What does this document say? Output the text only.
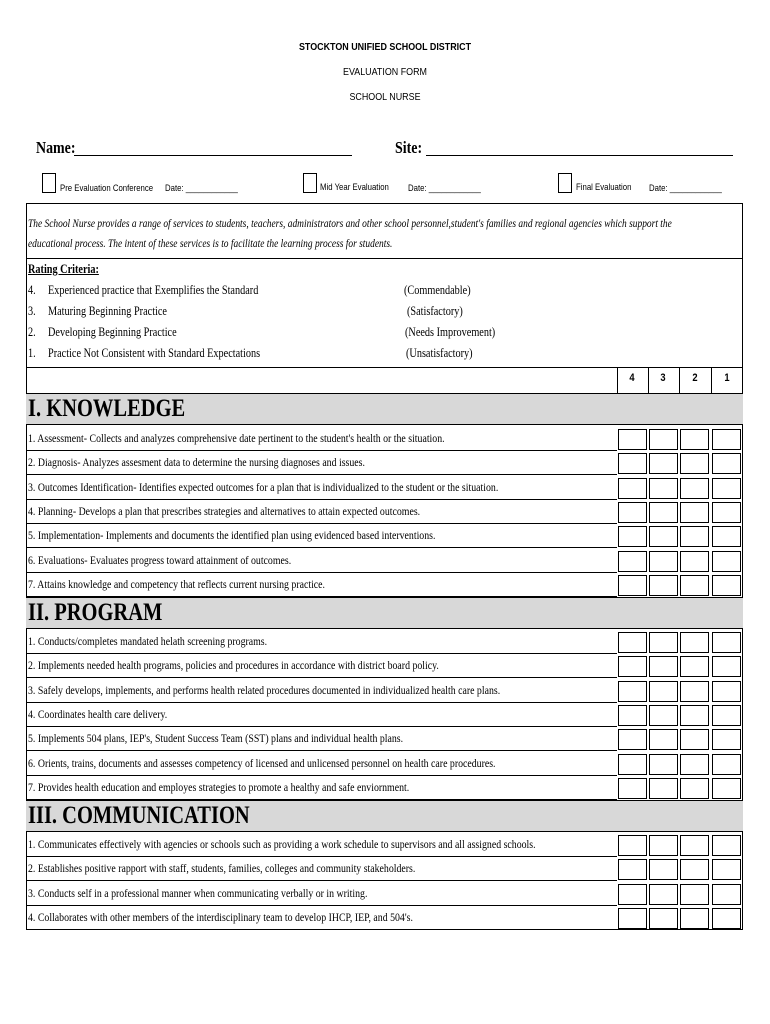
STOCKTON UNIFIED SCHOOL DISTRICT
EVALUATION FORM
SCHOOL NURSE
Name:	Site:
Pre Evaluation Conference Date: ____________	Mid Year Evaluation Date: ____________	Final Evaluation Date: ____________
The School Nurse provides a range of services to students, teachers, administrators and other school personnel,student's families and regional agencies which support the
educational process. The intent of these services is to facilitate the learning process for students.
Rating Criteria:
4. Experienced practice that Exemplifies the Standard	(Commendable)
3. Maturing Beginning Practice	(Satisfactory)
2. Developing Beginning Practice	(Needs Improvement)
1. Practice Not Consistent with Standard Expectations	(Unsatisfactory)
4	3	2	1
I. KNOWLEDGE
1. Assessment- Collects and analyzes comprehensive date pertinent to the student's health or the situation.
2. Diagnosis- Analyzes assesment data to determine the nursing diagnoses and issues.
3. Outcomes Identification- Identifies expected outcomes for a plan that is individualized to the student or the situation.
4. Planning- Develops a plan that prescribes strategies and alternatives to attain expected outcomes.
5. Implementation- Implements and documents the identified plan using evidenced based interventions.
6. Evaluations- Evaluates progress toward attainment of outcomes.
7. Attains knowledge and competency that reflects current nursing practice.
II. PROGRAM
1. Conducts/completes mandated helath screening programs.
2. Implements needed health programs, policies and procedures in accordance with district board policy.
3. Safely develops, implements, and performs health related procedures documented in individualized health care plans.
4. Coordinates health care delivery.
5. Implements 504 plans, IEP's, Student Success Team (SST) plans and individual health plans.
6. Orients, trains, documents and assesses competency of licensed and unlicensed personnel on health care procedures.
7. Provides health education and employes strategies to promote a healthy and safe enviornment.
III. COMMUNICATION
1. Communicates effectively with agencies or schools such as providing a work schedule to supervisors and all assigned schools.
2. Establishes positive rapport with staff, students, families, colleges and community stakeholders.
3. Conducts self in a professional manner when communicating verbally or in writing.
4. Collaborates with other members of the interdisciplinary team to develop IHCP, IEP, and 504's.
